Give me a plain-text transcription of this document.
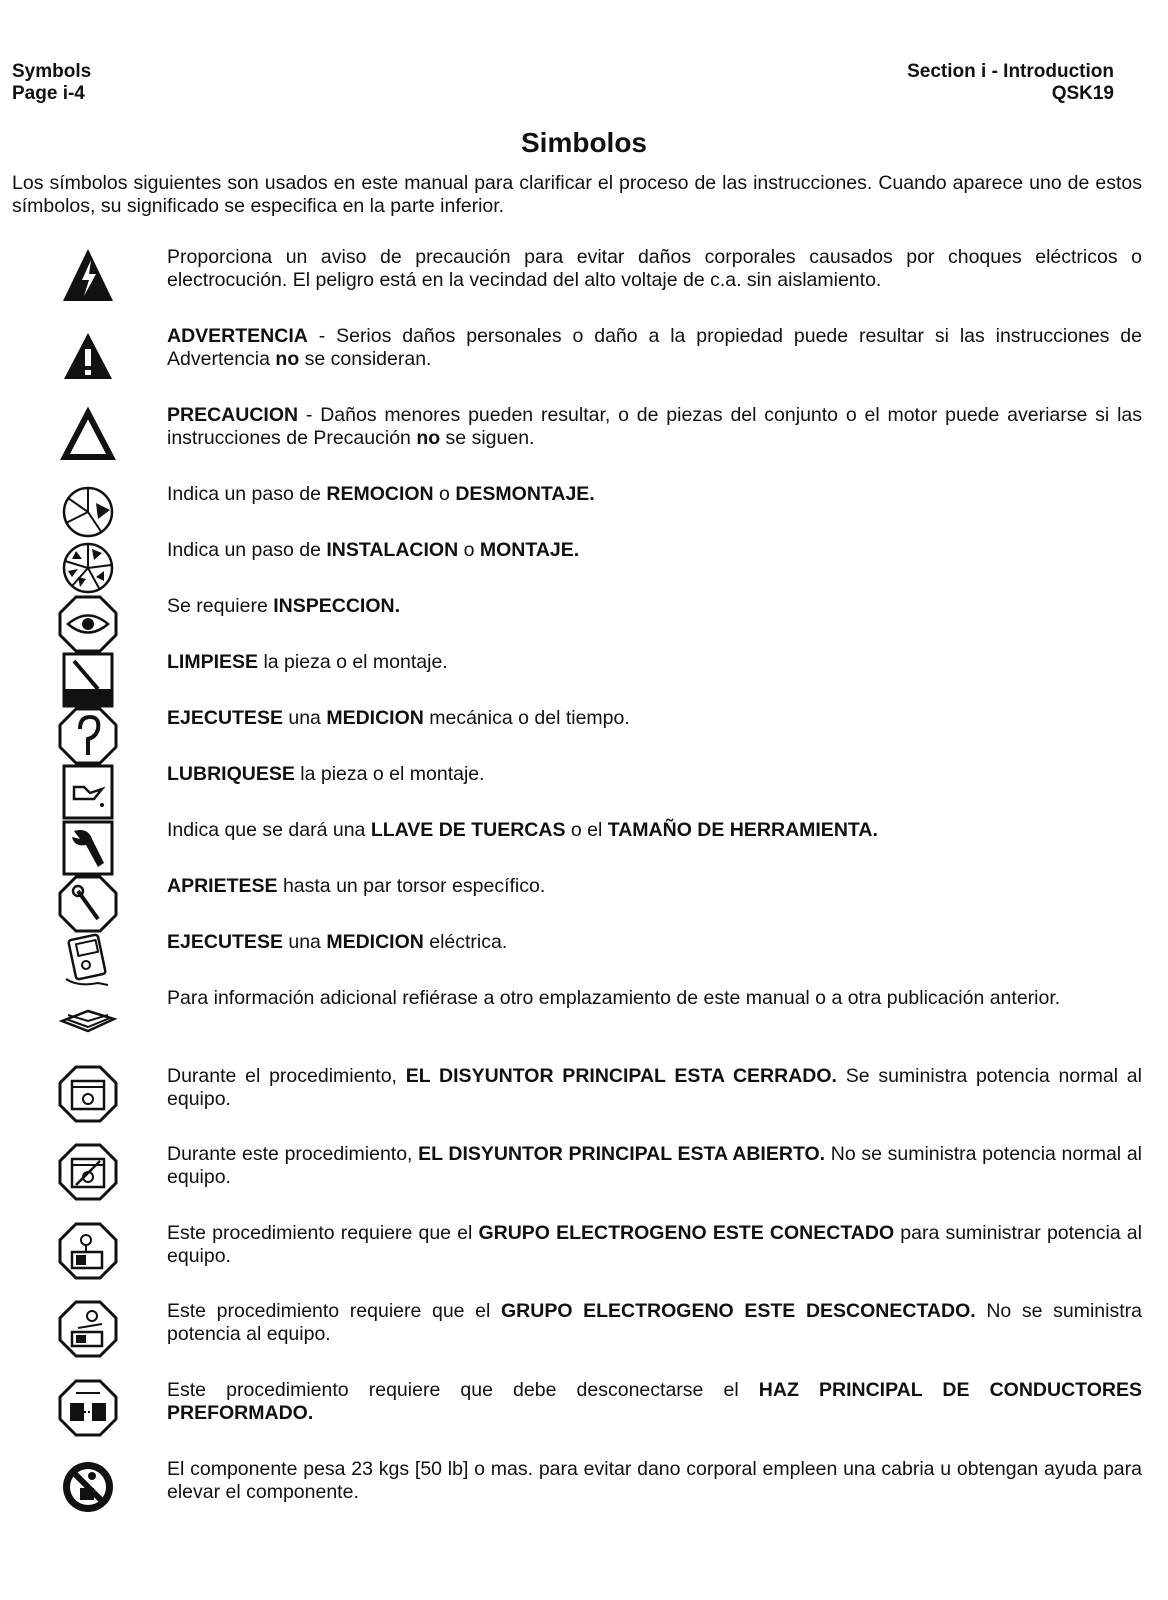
Symbols
Page i-4
Section i - Introduction
QSK19
Simbolos
Los símbolos siguientes son usados en este manual para clarificar el proceso de las instrucciones. Cuando aparece uno de estos símbolos, su significado se especifica en la parte inferior.
Proporciona un aviso de precaución para evitar daños corporales causados por choques eléctricos o electrocución. El peligro está en la vecindad del alto voltaje de c.a. sin aislamiento.
ADVERTENCIA - Serios daños personales o daño a la propiedad puede resultar si las instrucciones de Advertencia no se consideran.
PRECAUCION - Daños menores pueden resultar, o de piezas del conjunto o el motor puede averiarse si las instrucciones de Precaución no se siguen.
Indica un paso de REMOCION o DESMONTAJE.
Indica un paso de INSTALACION o MONTAJE.
Se requiere INSPECCION.
LIMPIESE la pieza o el montaje.
EJECUTESE una MEDICION mecánica o del tiempo.
LUBRIQUESE la pieza o el montaje.
Indica que se dará una LLAVE DE TUERCAS o el TAMAÑO DE HERRAMIENTA.
APRIETESE hasta un par torsor específico.
EJECUTESE una MEDICION eléctrica.
Para información adicional refiérase a otro emplazamiento de este manual o a otra publicación anterior.
Durante el procedimiento, EL DISYUNTOR PRINCIPAL ESTA CERRADO. Se suministra potencia normal al equipo.
Durante este procedimiento, EL DISYUNTOR PRINCIPAL ESTA ABIERTO. No se suministra potencia normal al equipo.
Este procedimiento requiere que el GRUPO ELECTROGENO ESTE CONECTADO para suministrar potencia al equipo.
Este procedimiento requiere que el GRUPO ELECTROGENO ESTE DESCONECTADO. No se suministra potencia al equipo.
Este procedimiento requiere que debe desconectarse el HAZ PRINCIPAL DE CONDUCTORES PREFORMADO.
El componente pesa 23 kgs [50 lb] o mas. para evitar dano corporal empleen una cabria u obtengan ayuda para elevar el componente.
